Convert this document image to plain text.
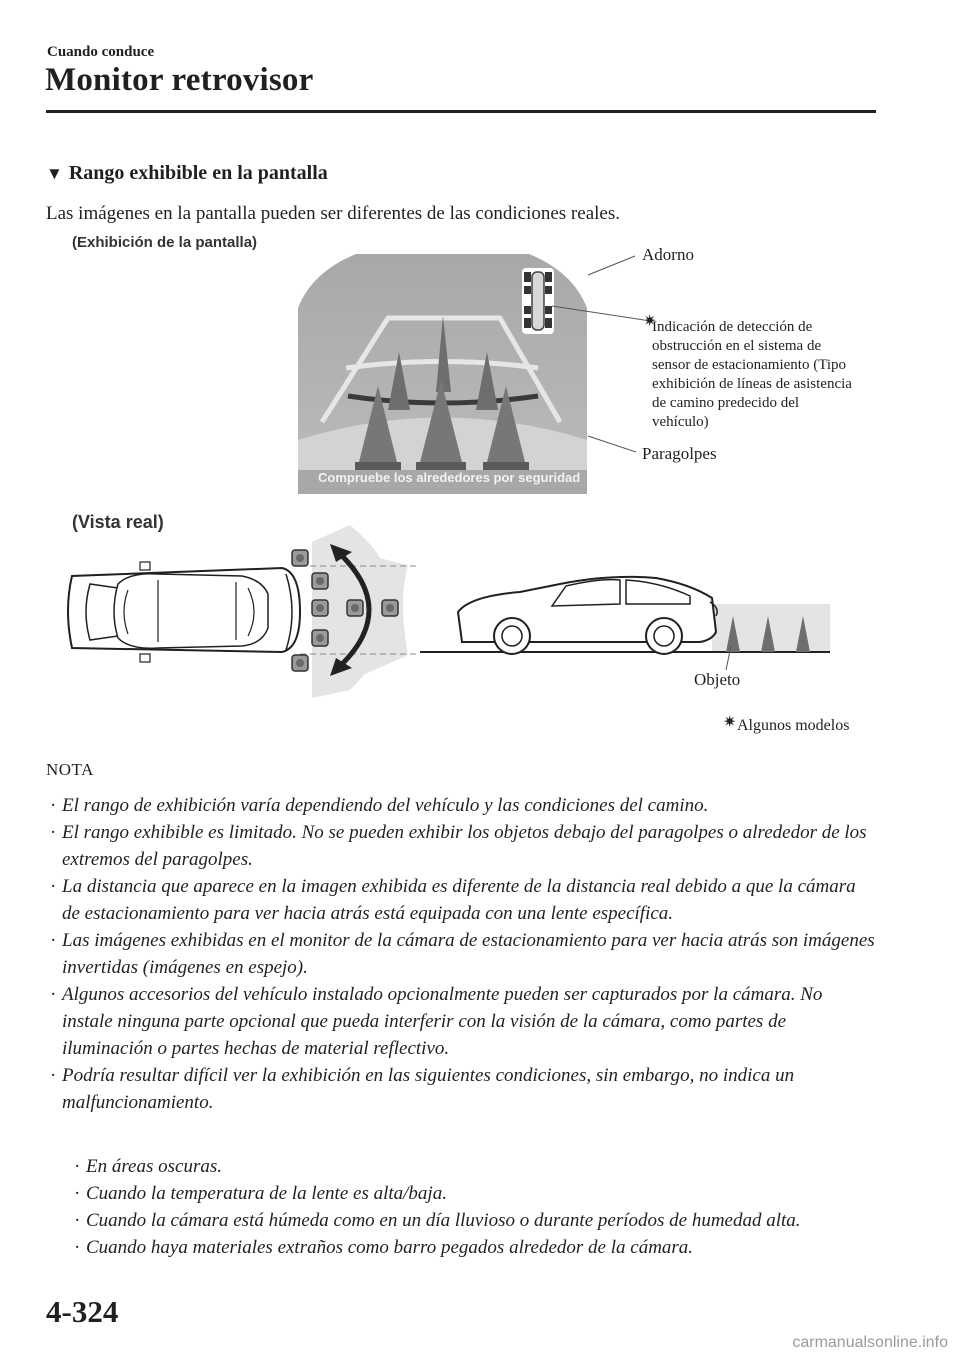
Cuando conduce
Monitor retrovisor
▼ Rango exhibible en la pantalla
Las imágenes en la pantalla pueden ser diferentes de las condiciones reales.
(Exhibición de la pantalla)
✷
Compruebe los alrededores por seguridad
Adorno
Indicación de detección de
obstrucción en el sistema de
sensor de estacionamiento (Tipo
exhibición de líneas de asistencia
de camino predecido del
vehículo)
Paragolpes
(Vista real)
✷
Objeto
Algunos modelos
NOTA
· El rango de exhibición varía dependiendo del vehículo y las condiciones del camino.
· El rango exhibible es limitado. No se pueden exhibir los objetos debajo del paragolpes o alrededor de los extremos del paragolpes.
· La distancia que aparece en la imagen exhibida es diferente de la distancia real debido a que la cámara de estacionamiento para ver hacia atrás está equipada con una lente específica.
· Las imágenes exhibidas en el monitor de la cámara de estacionamiento para ver hacia atrás son imágenes invertidas (imágenes en espejo).
· Algunos accesorios del vehículo instalado opcionalmente pueden ser capturados por la cámara. No instale ninguna parte opcional que pueda interferir con la visión de la cámara, como partes de iluminación o partes hechas de material reflectivo.
· Podría resultar difícil ver la exhibición en las siguientes condiciones, sin embargo, no indica un malfuncionamiento.
· En áreas oscuras.
· Cuando la temperatura de la lente es alta/baja.
· Cuando la cámara está húmeda como en un día lluvioso o durante períodos de humedad alta.
· Cuando haya materiales extraños como barro pegados alrededor de la cámara.
4-324
carmanualsonline.info
